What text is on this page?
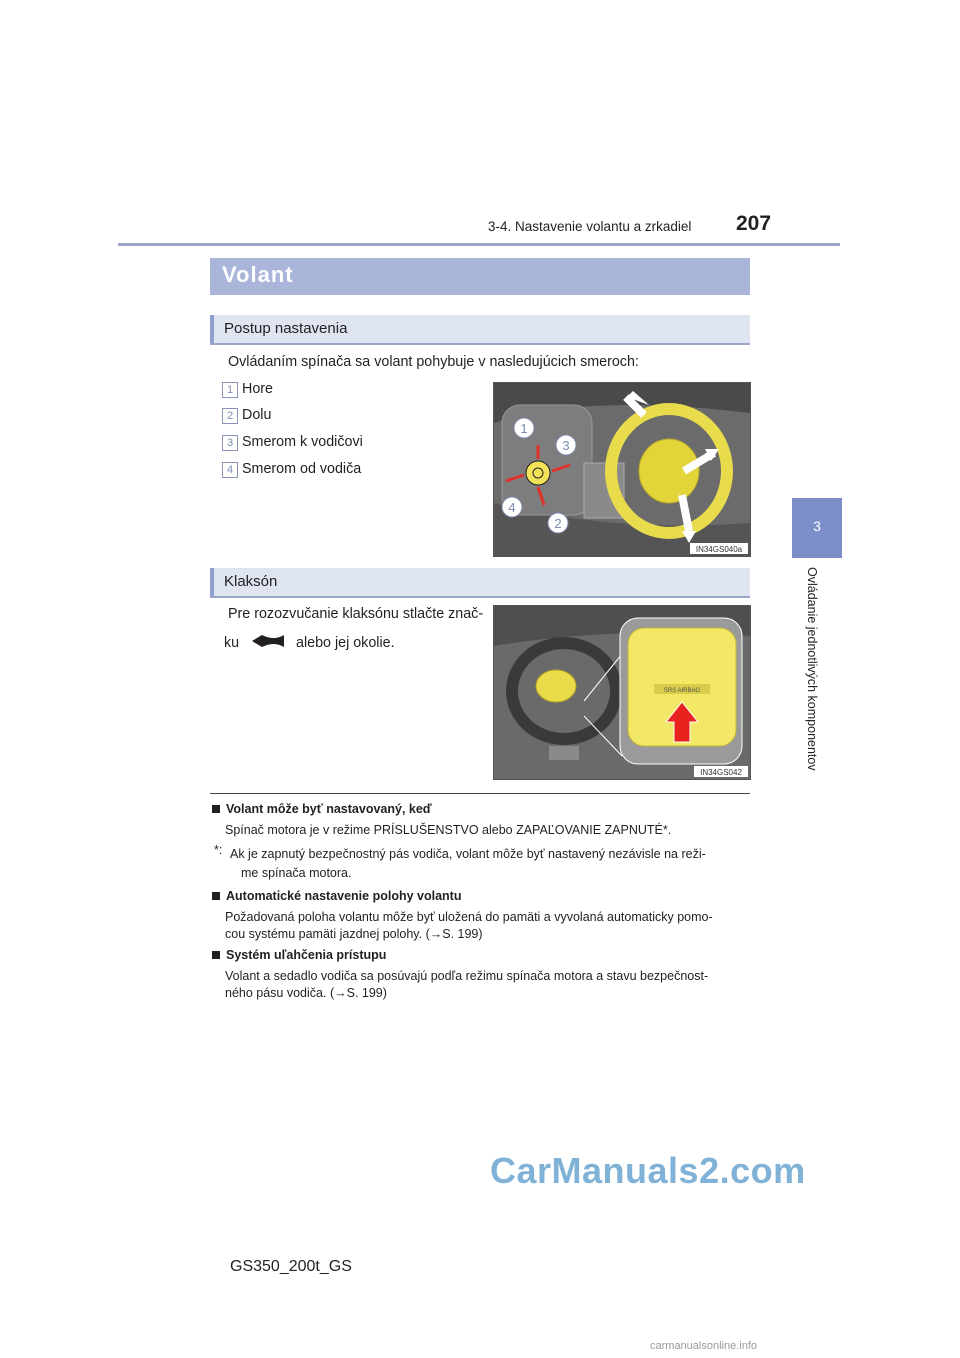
3-4. Nastavenie volantu a zrkadiel 207
3
Ovládanie jednotlivých komponentov
Volant
Postup nastavenia
Ovládaním spínača sa volant pohybuje v nasledujúcich smeroch:
1 Hore
2 Dolu
3 Smerom k vodičovi
4 Smerom od vodiča
1
3
4
2
IN34GS040a
Klaksón
Pre rozozvučanie klaksónu stlačte znač-
ku	alebo jej okolie.
SRS AIRBAG
IN34GS042
Volant môže byť nastavovaný, keď
Spínač motora je v režime PRÍSLUŠENSTVO alebo ZAPAĽOVANIE ZAPNUTÉ*.
*: Ak je zapnutý bezpečnostný pás vodiča, volant môže byť nastavený nezávisle na reži-
me spínača motora.
Automatické nastavenie polohy volantu
Požadovaná poloha volantu môže byť uložená do pamäti a vyvolaná automaticky pomo-
cou systému pamäti jazdnej polohy. (→S. 199)
Systém uľahčenia prístupu
Volant a sedadlo vodiča sa posúvajú podľa režimu spínača motora a stavu bezpečnost-
ného pásu vodiča. (→S. 199)
CarManuals2.com
GS350_200t_GS
carmanualsonline.info
